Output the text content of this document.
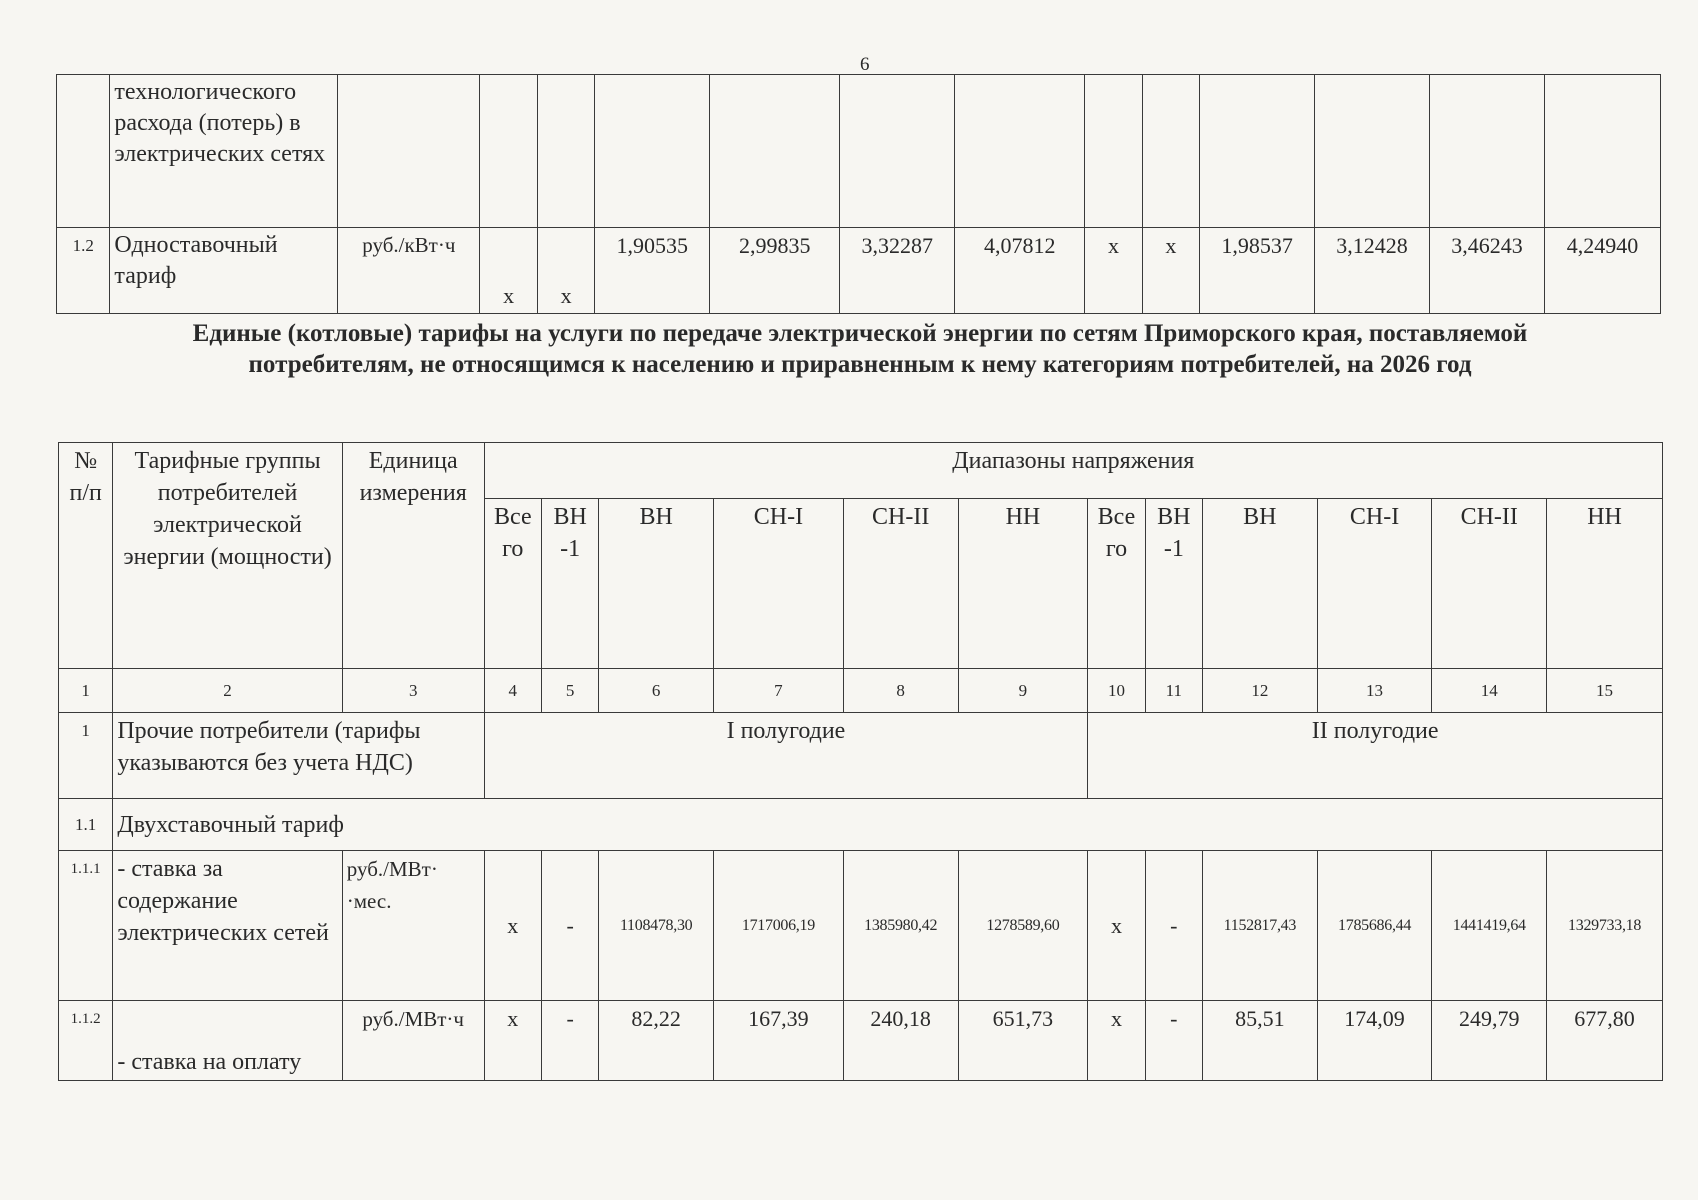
6
	технологического расхода (потерь) в электрических сетях													
1.2	Одноставочный тариф	руб./кВт·ч	x	x	1,90535	2,99835	3,32287	4,07812	x	x	1,98537	3,12428	3,46243	4,24940
Единые (котловые) тарифы на услуги по передаче электрической энергии по сетям Приморского края, поставляемой потребителям, не относящимся к населению и приравненным к нему категориям потребителей, на 2026 год
№ п/п	Тарифные группы потребителей электрической энергии (мощности)	Единица измерения	Диапазоны напряжения											
			Все го	ВН -1	ВН	СН-I	СН-II	НН	Все го	ВН -1	ВН	СН-I	СН-II	НН
1	2	3	4	5	6	7	8	9	10	11	12	13	14	15
1	Прочие потребители (тарифы указываются без учета НДС)		I полугодие						II полугодие					
1.1	Двухставочный тариф													
1.1.1	- ставка за содержание электрических сетей	руб./МВт· ·мес.	x	-	1108478,30	1717006,19	1385980,42	1278589,60	x	-	1152817,43	1785686,44	1441419,64	1329733,18
1.1.2	- ставка на оплату	руб./МВт·ч	x	-	82,22	167,39	240,18	651,73	x	-	85,51	174,09	249,79	677,80
